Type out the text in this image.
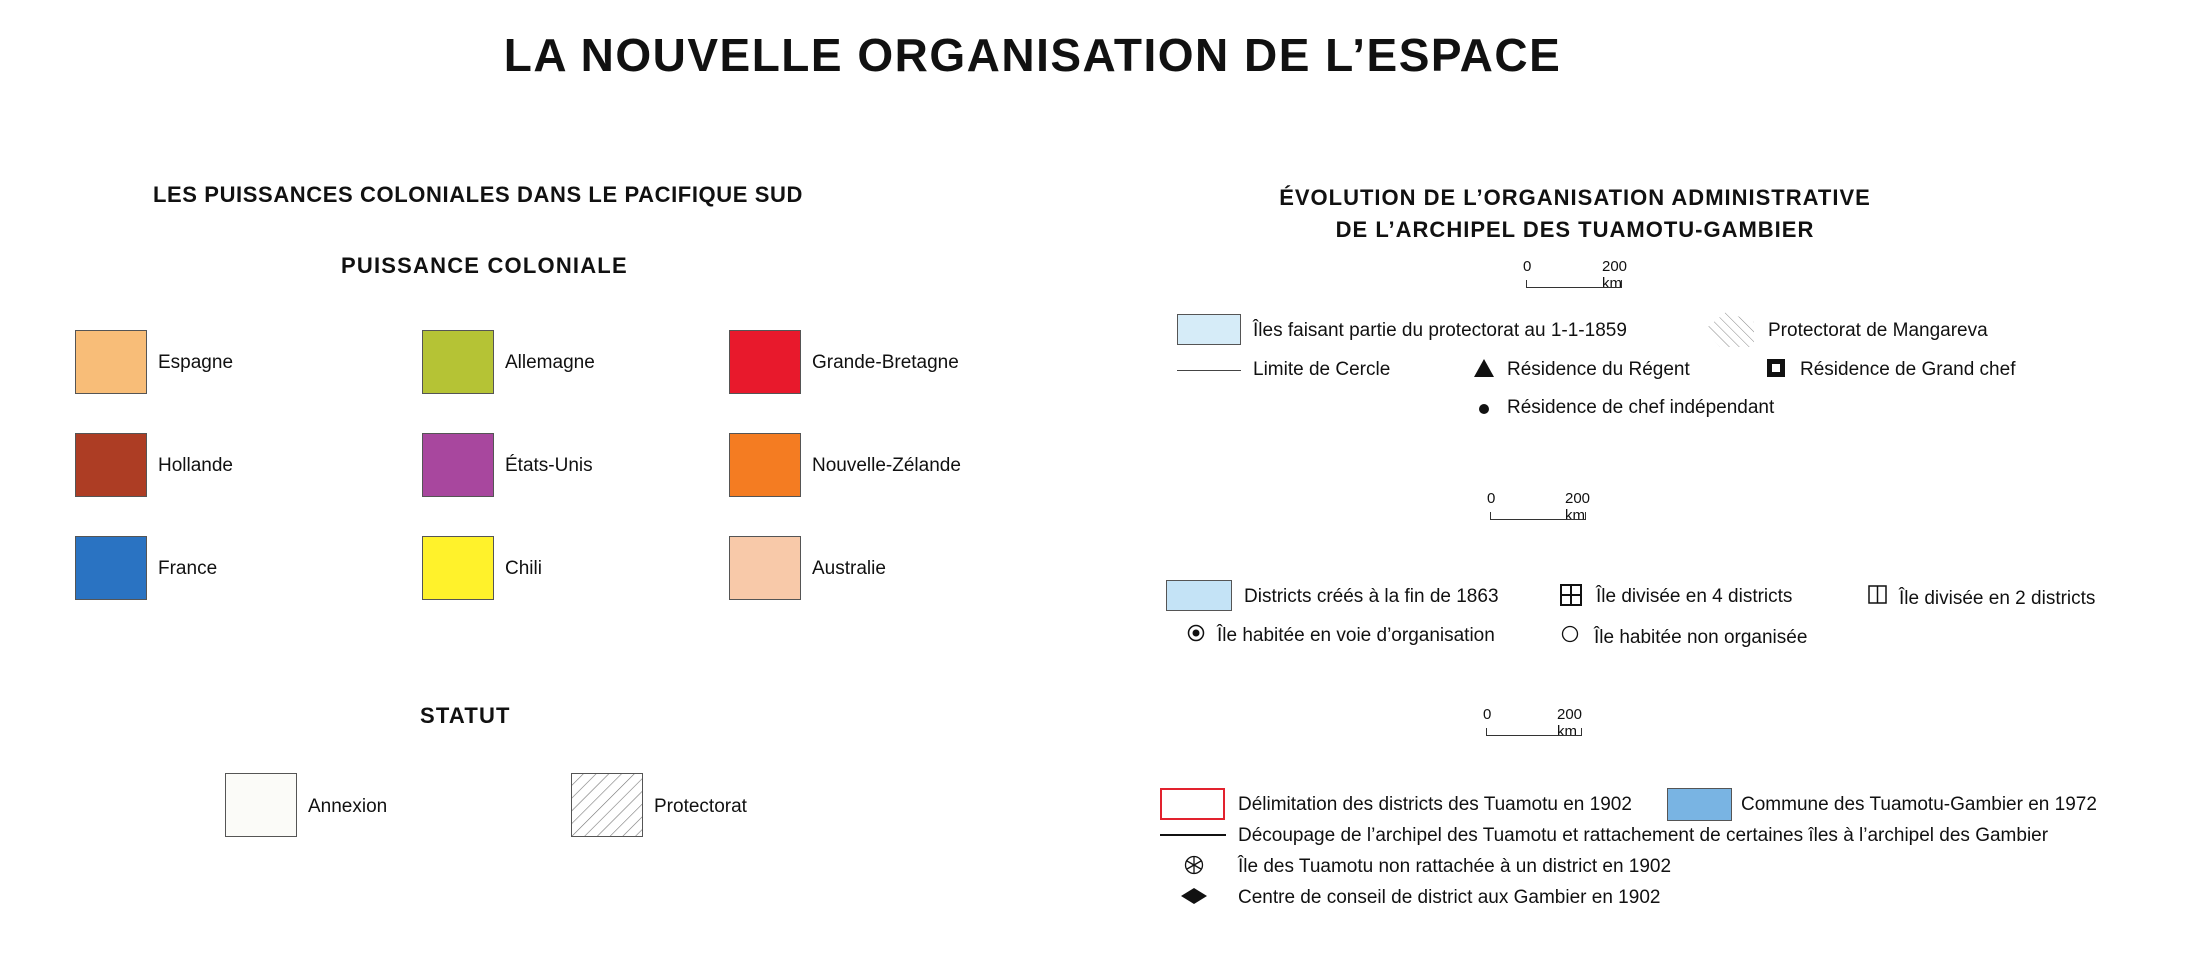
LA NOUVELLE ORGANISATION DE L’ESPACE
LES PUISSANCES COLONIALES DANS LE PACIFIQUE SUD
PUISSANCE COLONIALE
Espagne	Allemagne	Grande-Bretagne
Hollande	États-Unis	Nouvelle-Zélande
France	Chili	Australie
STATUT
Annexion	Protectorat
ÉVOLUTION DE L’ORGANISATION ADMINISTRATIVE
DE L’ARCHIPEL DES TUAMOTU-GAMBIER
0	200 km
Îles faisant partie du protectorat au 1-1-1859	Protectorat de Mangareva
Limite de Cercle	Résidence du Régent	Résidence de Grand chef
Résidence de chef indépendant
0	200 km
Districts créés à la fin de 1863	Île divisée en 4 districts	Île divisée en 2 districts
Île habitée en voie d’organisation	Île habitée non organisée
0	200 km
Délimitation des districts des Tuamotu en 1902	Commune des Tuamotu-Gambier en 1972
Découpage de l’archipel des Tuamotu et rattachement de certaines îles à l’archipel des Gambier
Île des Tuamotu non rattachée à un district en 1902
Centre de conseil de district aux Gambier en 1902
